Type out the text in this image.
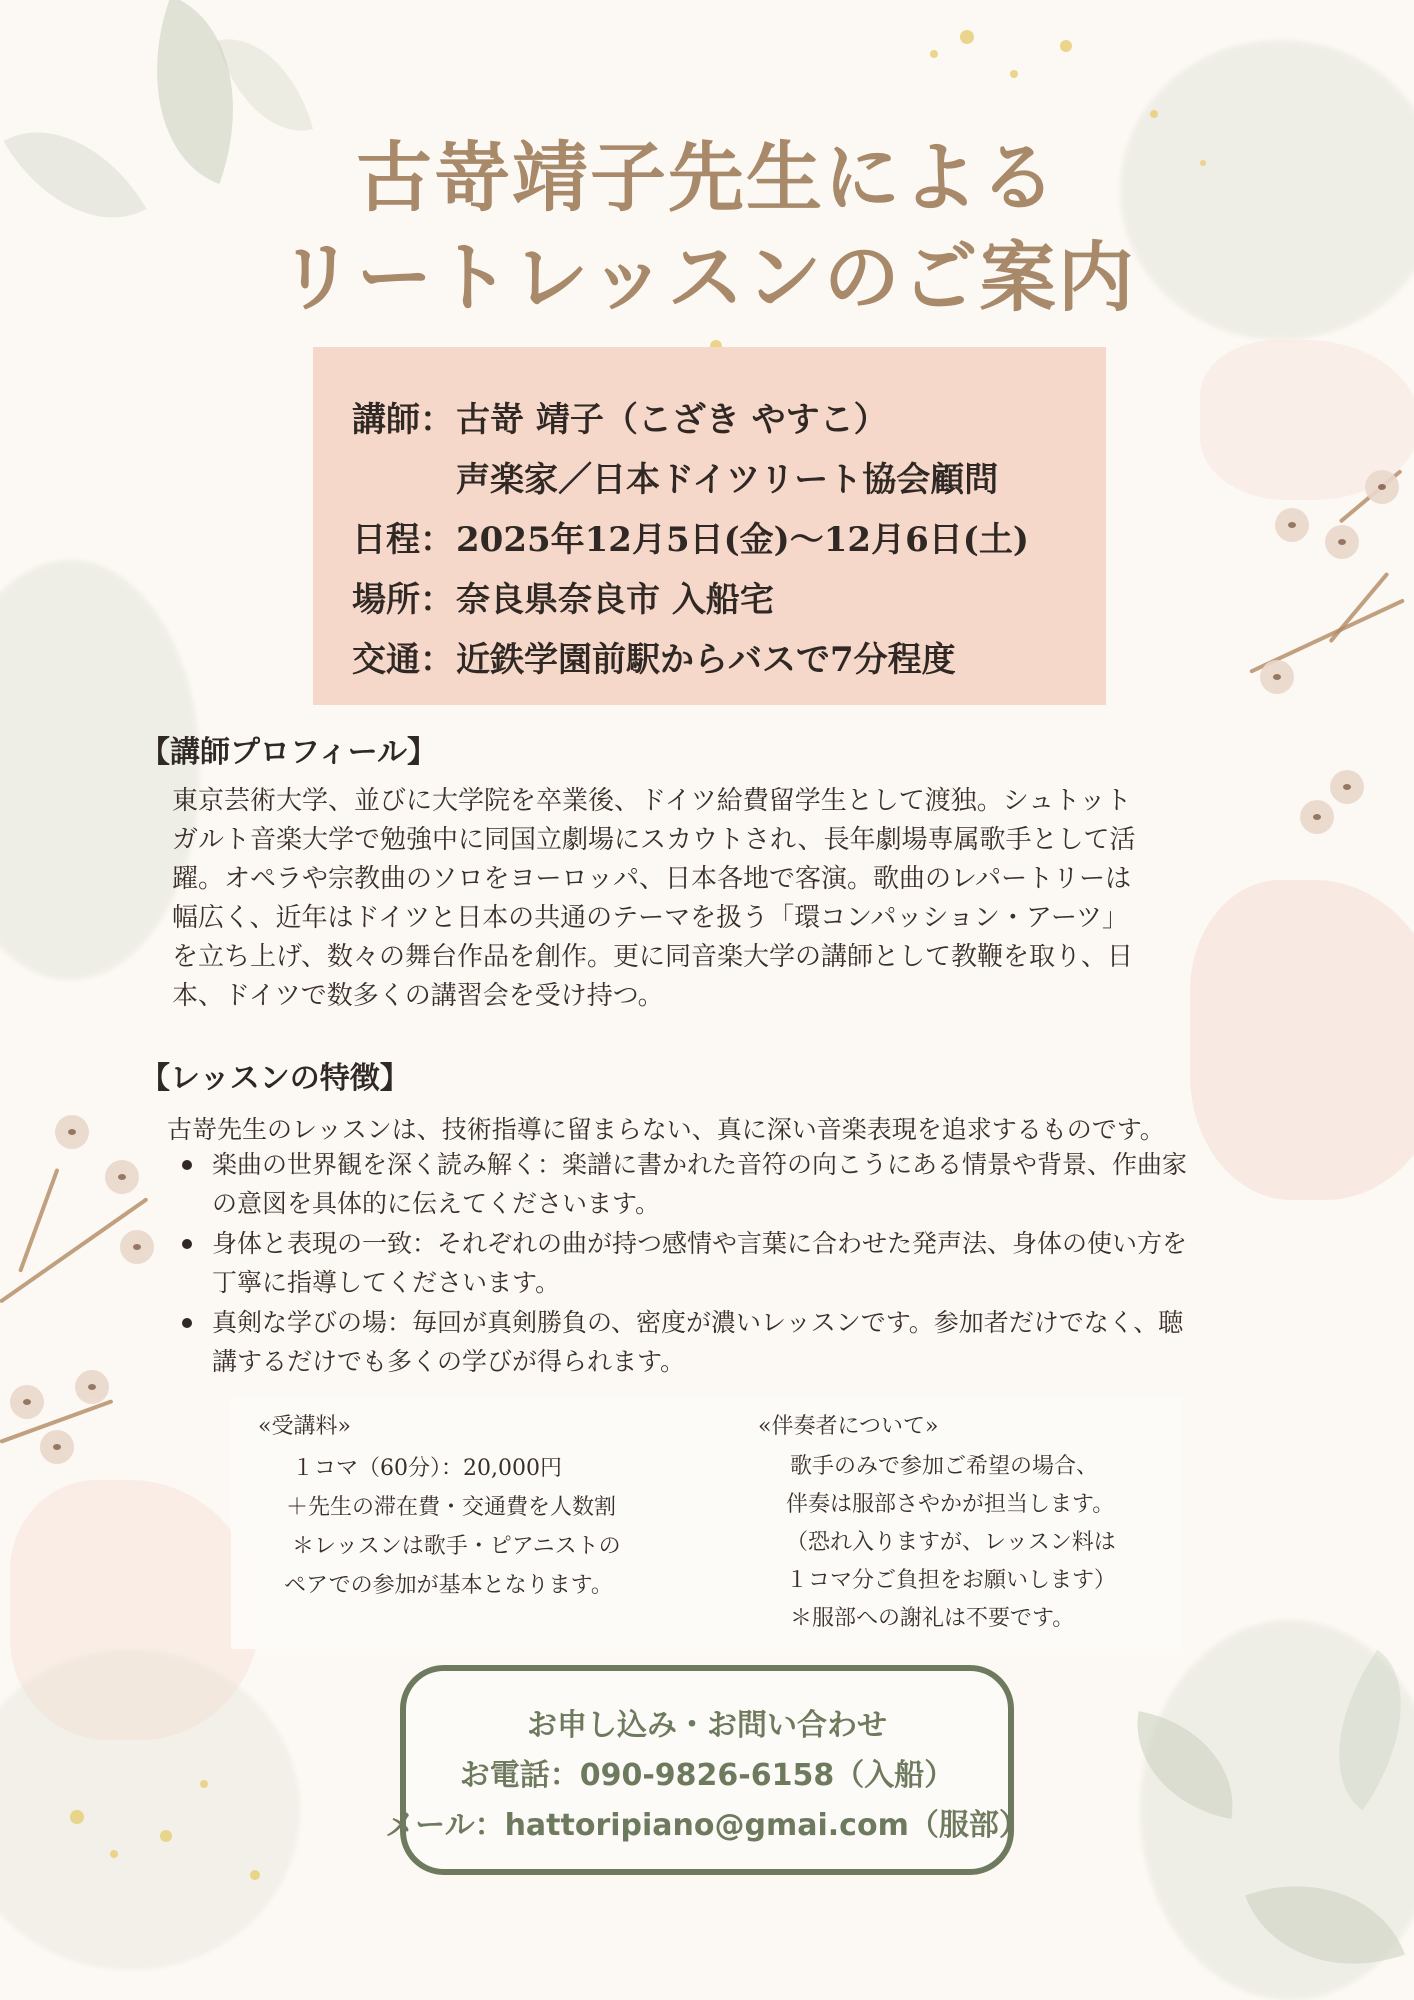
古嵜靖子先生による
リートレッスンのご案内
講師：古嵜 靖子（こざき やすこ）
声楽家／日本ドイツリート協会顧問
日程：2025年12月5日(金)〜12月6日(土)
場所：奈良県奈良市 入船宅
交通：近鉄学園前駅からバスで7分程度
【講師プロフィール】
東京芸術大学、並びに大学院を卒業後、ドイツ給費留学生として渡独。シュトット
ガルト音楽大学で勉強中に同国立劇場にスカウトされ、長年劇場専属歌手として活
躍。オペラや宗教曲のソロをヨーロッパ、日本各地で客演。歌曲のレパートリーは
幅広く、近年はドイツと日本の共通のテーマを扱う「環コンパッション・アーツ」
を立ち上げ、数々の舞台作品を創作。更に同音楽大学の講師として教鞭を取り、日
本、ドイツで数多くの講習会を受け持つ。
【レッスンの特徴】
古嵜先生のレッスンは、技術指導に留まらない、真に深い音楽表現を追求するものです。
楽曲の世界観を深く読み解く：楽譜に書かれた音符の向こうにある情景や背景、作曲家
の意図を具体的に伝えてくださいます。
身体と表現の一致：それぞれの曲が持つ感情や言葉に合わせた発声法、身体の使い方を
丁寧に指導してくださいます。
真剣な学びの場：毎回が真剣勝負の、密度が濃いレッスンです。参加者だけでなく、聴
講するだけでも多くの学びが得られます。
«受講料»
１コマ（60分）：20,000円
＋先生の滞在費・交通費を人数割
＊レッスンは歌手・ピアニストの
ペアでの参加が基本となります。
«伴奏者について»
歌手のみで参加ご希望の場合、
伴奏は服部さやかが担当します。
（恐れ入りますが、レッスン料は
１コマ分ご負担をお願いします）
＊服部への謝礼は不要です。
お申し込み・お問い合わせ
お電話：090-9826-6158（入船）
メール：hattoripiano@gmai.com（服部）
